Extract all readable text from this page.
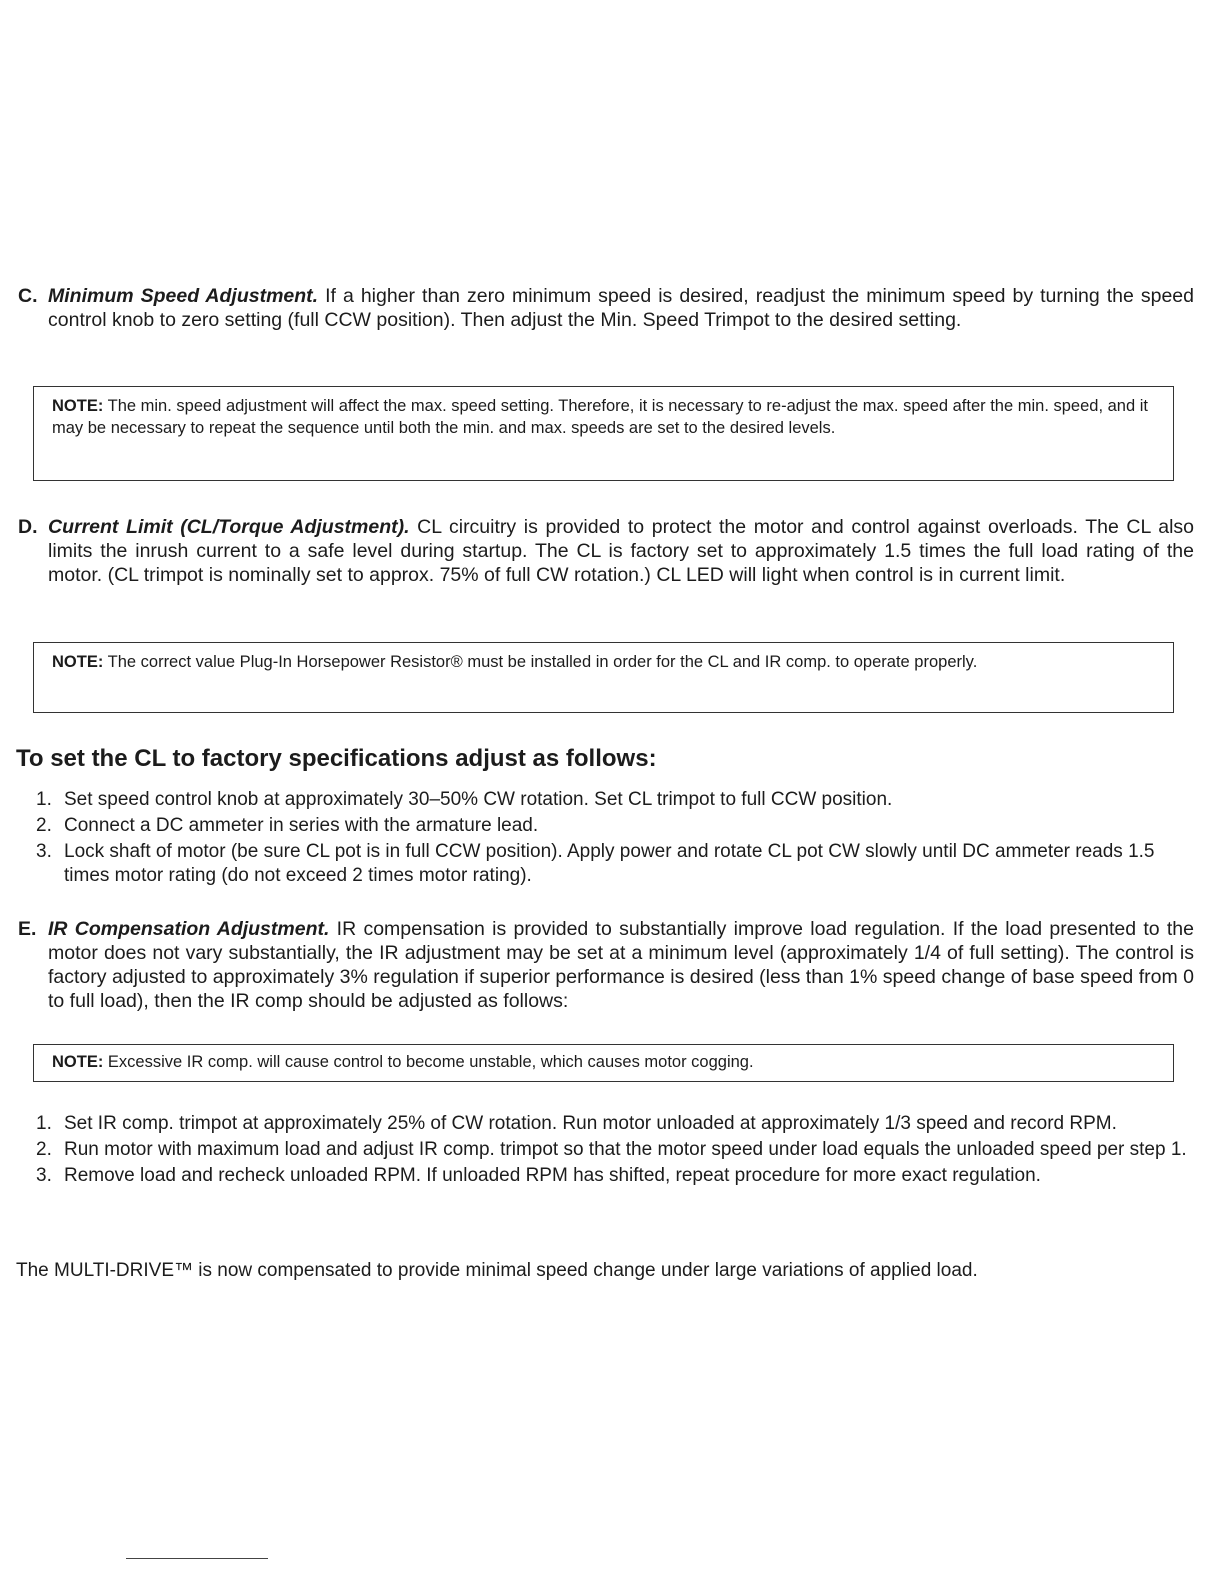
C. Minimum Speed Adjustment. If a higher than zero minimum speed is desired, readjust the minimum speed by turning the speed control knob to zero setting (full CCW position). Then adjust the Min. Speed Trimpot to the desired setting.
NOTE: The min. speed adjustment will affect the max. speed setting. Therefore, it is necessary to re-adjust the max. speed after the min. speed, and it may be necessary to repeat the sequence until both the min. and max. speeds are set to the desired levels.
D. Current Limit (CL/Torque Adjustment). CL circuitry is provided to protect the motor and control against overloads. The CL also limits the inrush current to a safe level during startup. The CL is factory set to approximately 1.5 times the full load rating of the motor. (CL trimpot is nominally set to approx. 75% of full CW rotation.) CL LED will light when control is in current limit.
NOTE: The correct value Plug-In Horsepower Resistor® must be installed in order for the CL and IR comp. to operate properly.
To set the CL to factory specifications adjust as follows:
1. Set speed control knob at approximately 30–50% CW rotation. Set CL trimpot to full CCW position.
2. Connect a DC ammeter in series with the armature lead.
3. Lock shaft of motor (be sure CL pot is in full CCW position). Apply power and rotate CL pot CW slowly until DC ammeter reads 1.5 times motor rating (do not exceed 2 times motor rating).
E. IR Compensation Adjustment. IR compensation is provided to substantially improve load regulation. If the load presented to the motor does not vary substantially, the IR adjustment may be set at a minimum level (approximately 1/4 of full setting). The control is factory adjusted to approximately 3% regulation if superior performance is desired (less than 1% speed change of base speed from 0 to full load), then the IR comp should be adjusted as follows:
NOTE: Excessive IR comp. will cause control to become unstable, which causes motor cogging.
1. Set IR comp. trimpot at approximately 25% of CW rotation. Run motor unloaded at approximately 1/3 speed and record RPM.
2. Run motor with maximum load and adjust IR comp. trimpot so that the motor speed under load equals the unloaded speed per step 1.
3. Remove load and recheck unloaded RPM. If unloaded RPM has shifted, repeat procedure for more exact regulation.
The MULTI-DRIVE™ is now compensated to provide minimal speed change under large variations of applied load.
